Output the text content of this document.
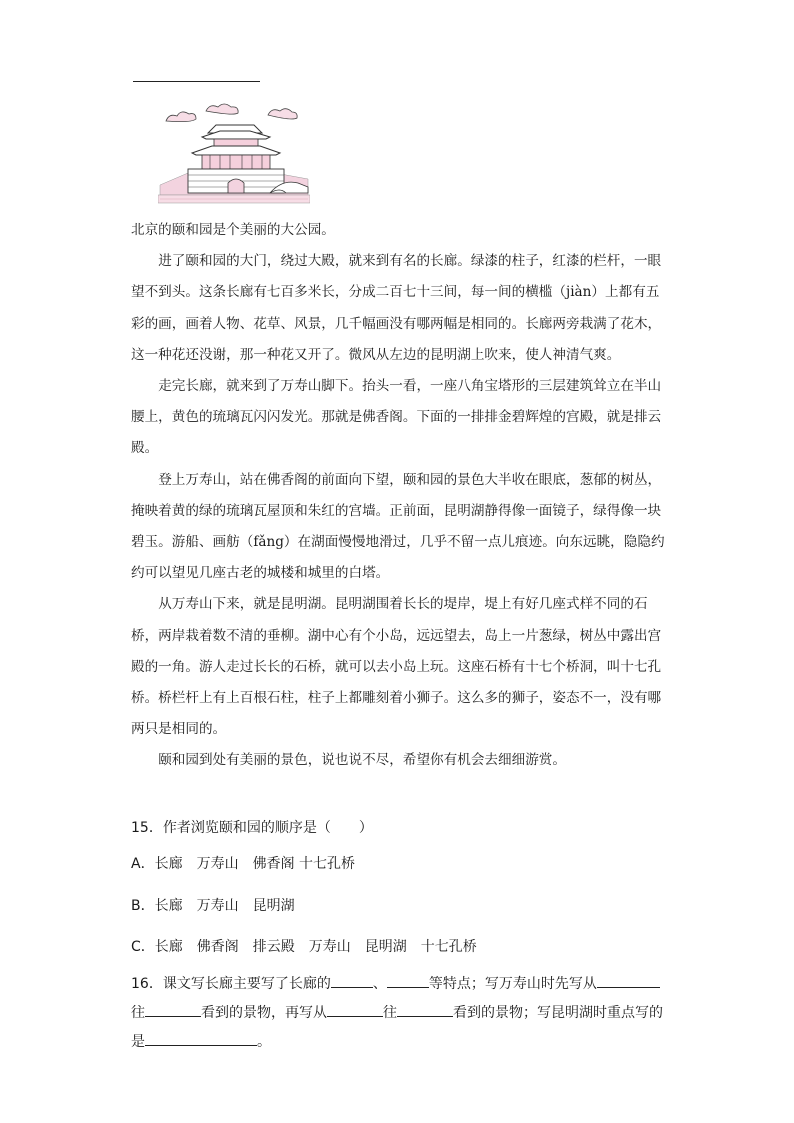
北京的颐和园是个美丽的大公园。

进了颐和园的大门，绕过大殿，就来到有名的长廊。绿漆的柱子，红漆的栏杆，一眼望不到头。这条长廊有七百多米长，分成二百七十三间，每一间的横槛（jiàn）上都有五彩的画，画着人物、花草、风景，几千幅画没有哪两幅是相同的。长廊两旁栽满了花木，这一种花还没谢，那一种花又开了。微风从左边的昆明湖上吹来，使人神清气爽。

走完长廊，就来到了万寿山脚下。抬头一看，一座八角宝塔形的三层建筑耸立在半山腰上，黄色的琉璃瓦闪闪发光。那就是佛香阁。下面的一排排金碧辉煌的宫殿，就是排云殿。

登上万寿山，站在佛香阁的前面向下望，颐和园的景色大半收在眼底，葱郁的树丛，掩映着黄的绿的琉璃瓦屋顶和朱红的宫墙。正前面，昆明湖静得像一面镜子，绿得像一块碧玉。游船、画舫（fǎng）在湖面慢慢地滑过，几乎不留一点儿痕迹。向东远眺，隐隐约约可以望见几座古老的城楼和城里的白塔。

从万寿山下来，就是昆明湖。昆明湖围着长长的堤岸，堤上有好几座式样不同的石桥，两岸栽着数不清的垂柳。湖中心有个小岛，远远望去，岛上一片葱绿，树丛中露出宫殿的一角。游人走过长长的石桥，就可以去小岛上玩。这座石桥有十七个桥洞，叫十七孔桥。桥栏杆上有上百根石柱，柱子上都雕刻着小狮子。这么多的狮子，姿态不一，没有哪两只是相同的。

颐和园到处有美丽的景色，说也说不尽，希望你有机会去细细游赏。

15．作者浏览颐和园的顺序是（　　）
A．长廊 万寿山 佛香阁 十七孔桥
B．长廊 万寿山 昆明湖
C．长廊 佛香阁 排云殿 万寿山 昆明湖 十七孔桥
16．课文写长廊主要写了长廊的	、	等特点；写万寿山时先写从
往	看到的景物，再写从	往	看到的景物；写昆明湖时重点写的是	。
